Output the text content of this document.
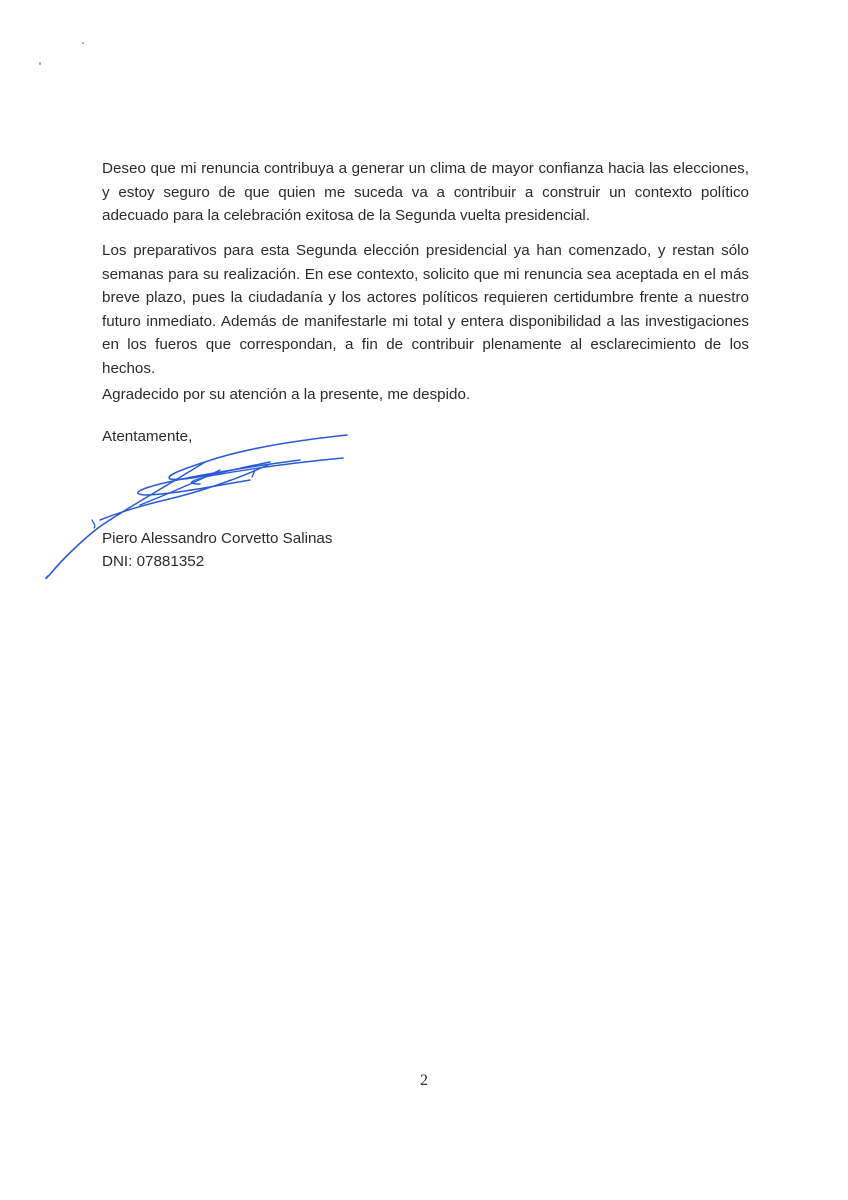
Deseo que mi renuncia contribuya a generar un clima de mayor confianza hacia las elecciones, y estoy seguro de que quien me suceda va a contribuir a construir un contexto político adecuado para la celebración exitosa de la Segunda vuelta presidencial.

Los preparativos para esta Segunda elección presidencial ya han comenzado, y restan sólo semanas para su realización. En ese contexto, solicito que mi renuncia sea aceptada en el más breve plazo, pues la ciudadanía y los actores políticos requieren certidumbre frente a nuestro futuro inmediato. Además de manifestarle mi total y entera disponibilidad a las investigaciones en los fueros que correspondan, a fin de contribuir plenamente al esclarecimiento de los hechos.

Agradecido por su atención a la presente, me despido.

Atentamente,

Piero Alessandro Corvetto Salinas

DNI: 07881352

2
